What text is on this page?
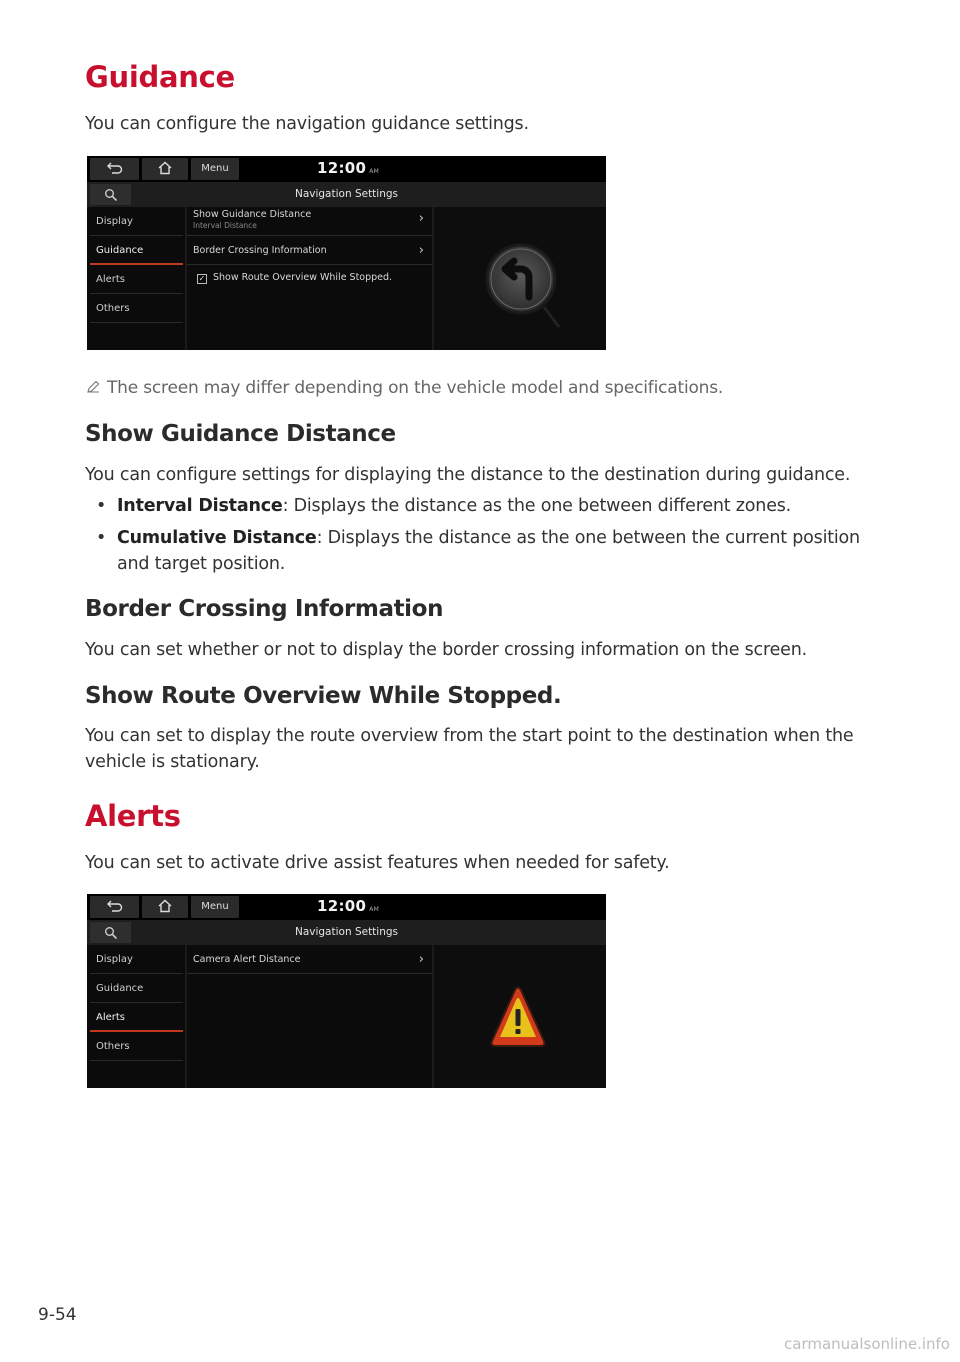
Guidance
You can configure the navigation guidance settings.
Menu	12:00 AM
Navigation Settings
Display
Guidance
Alerts
Others
Show Guidance Distance
Interval Distance	›
Border Crossing Information	›
✓ Show Route Overview While Stopped.
The screen may differ depending on the vehicle model and specifications.
Show Guidance Distance
You can configure settings for displaying the distance to the destination during guidance.
• Interval Distance: Displays the distance as the one between different zones.
• Cumulative Distance: Displays the distance as the one between the current position and target position.
Border Crossing Information
You can set whether or not to display the border crossing information on the screen.
Show Route Overview While Stopped.
You can set to display the route overview from the start point to the destination when the vehicle is stationary.
Alerts
You can set to activate drive assist features when needed for safety.
Menu	12:00 AM
Navigation Settings
Display
Guidance
Alerts
Others
Camera Alert Distance	›
9-54
carmanualsonline.info
